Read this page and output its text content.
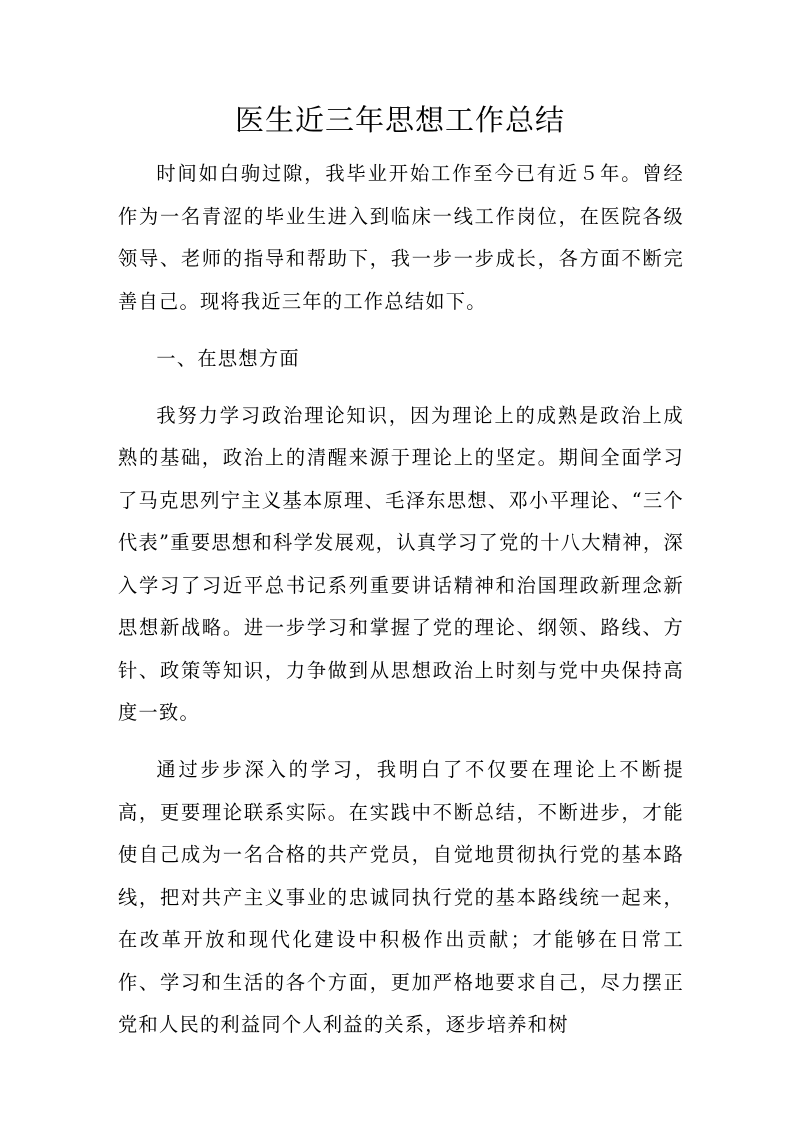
医生近三年思想工作总结

时间如白驹过隙，我毕业开始工作至今已有近５年。曾经作为一名青涩的毕业生进入到临床一线工作岗位，在医院各级领导、老师的指导和帮助下，我一步一步成长，各方面不断完善自己。现将我近三年的工作总结如下。

一、在思想方面

我努力学习政治理论知识，因为理论上的成熟是政治上成熟的基础，政治上的清醒来源于理论上的坚定。期间全面学习了马克思列宁主义基本原理、毛泽东思想、邓小平理论、“三个代表”重要思想和科学发展观，认真学习了党的十八大精神，深入学习了习近平总书记系列重要讲话精神和治国理政新理念新思想新战略。进一步学习和掌握了党的理论、纲领、路线、方针、政策等知识，力争做到从思想政治上时刻与党中央保持高度一致。

通过步步深入的学习，我明白了不仅要在理论上不断提高，更要理论联系实际。在实践中不断总结，不断进步，才能使自己成为一名合格的共产党员，自觉地贯彻执行党的基本路线，把对共产主义事业的忠诚同执行党的基本路线统一起来，在改革开放和现代化建设中积极作出贡献；才能够在日常工作、学习和生活的各个方面，更加严格地要求自己，尽力摆正党和人民的利益同个人利益的关系，逐步培养和树
